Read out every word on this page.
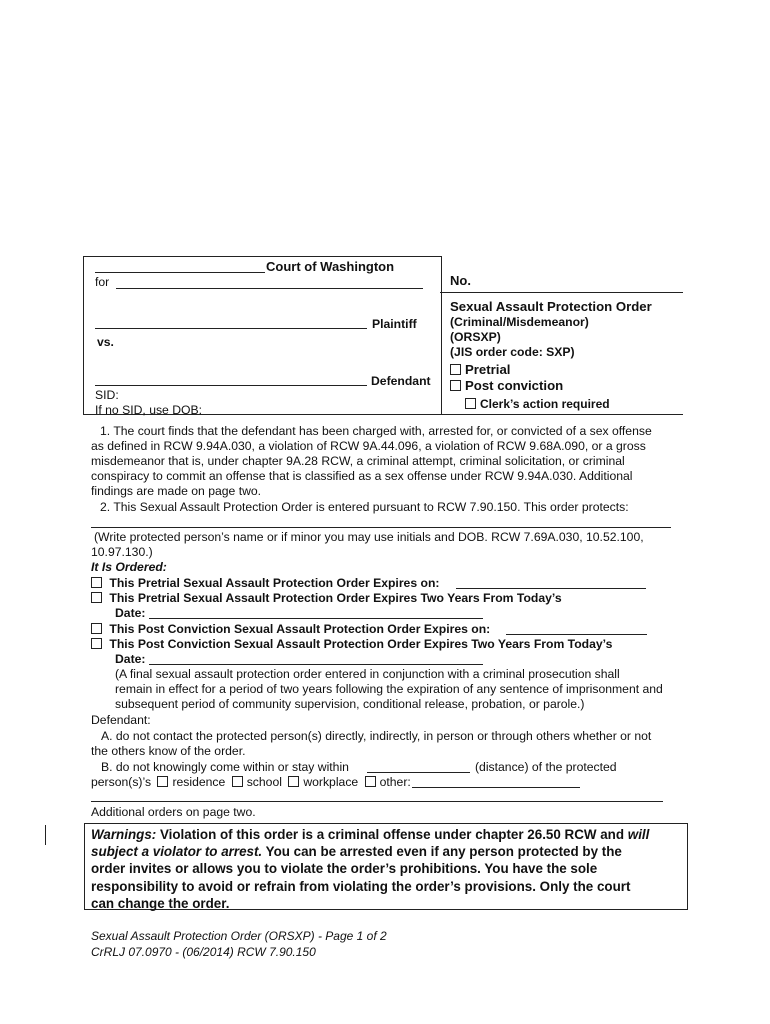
Court of Washington
for	No.
Plaintiff
vs.
Defendant
SID:
If no SID, use DOB:
Sexual Assault Protection Order
(Criminal/Misdemeanor)
(ORSXP)
(JIS order code: SXP)
Pretrial
Post conviction
Clerk’s action required
1. The court finds that the defendant has been charged with, arrested for, or convicted of a sex offense
as defined in RCW 9.94A.030, a violation of RCW 9A.44.096, a violation of RCW 9.68A.090, or a gross
misdemeanor that is, under chapter 9A.28 RCW, a criminal attempt, criminal solicitation, or criminal
conspiracy to commit an offense that is classified as a sex offense under RCW 9.94A.030. Additional
findings are made on page two.
2. This Sexual Assault Protection Order is entered pursuant to RCW 7.90.150. This order protects:
(Write protected person’s name or if minor you may use initials and DOB. RCW 7.69A.030, 10.52.100,
10.97.130.)
It Is Ordered:
This Pretrial Sexual Assault Protection Order Expires on:
This Pretrial Sexual Assault Protection Order Expires Two Years From Today’s
Date:
This Post Conviction Sexual Assault Protection Order Expires on:
This Post Conviction Sexual Assault Protection Order Expires Two Years From Today’s
Date:
(A final sexual assault protection order entered in conjunction with a criminal prosecution shall
remain in effect for a period of two years following the expiration of any sentence of imprisonment and
subsequent period of community supervision, conditional release, probation, or parole.)
Defendant:
A. do not contact the protected person(s) directly, indirectly, in person or through others whether or not
the others know of the order.
B. do not knowingly come within or stay within	(distance) of the protected
person(s)’s residence school workplace other:
Additional orders on page two.
Warnings: Violation of this order is a criminal offense under chapter 26.50 RCW and will
subject a violator to arrest. You can be arrested even if any person protected by the
order invites or allows you to violate the order’s prohibitions. You have the sole
responsibility to avoid or refrain from violating the order’s provisions. Only the court
can change the order.
Sexual Assault Protection Order (ORSXP) - Page 1 of 2
CrRLJ 07.0970 - (06/2014) RCW 7.90.150
